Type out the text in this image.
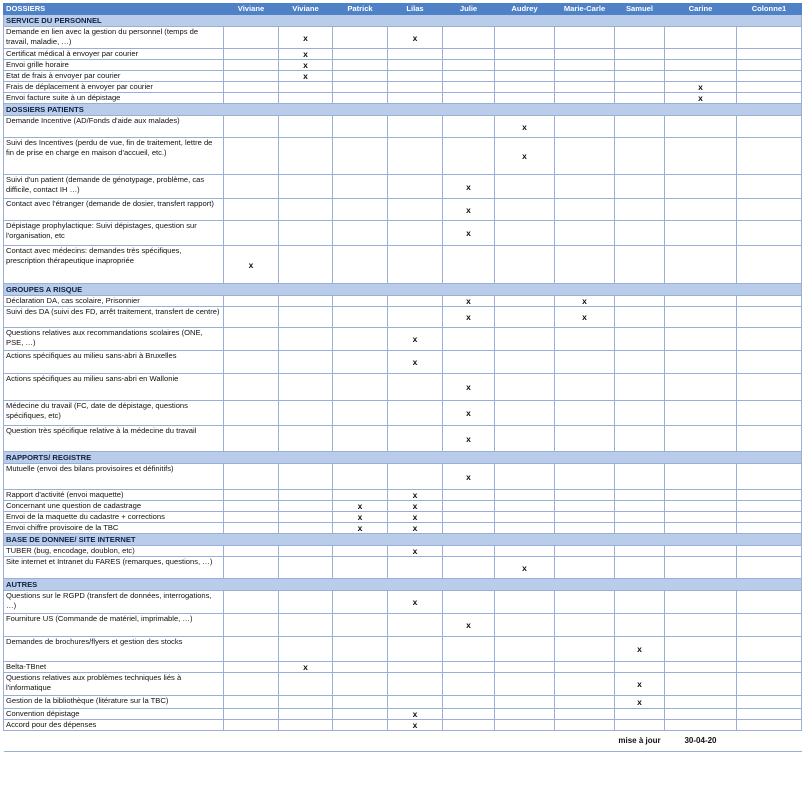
DOSSIERS	Viviane	Viviane	Patrick	Lilas	Julie	Audrey	Marie-Carle	Samuel	Carine	Colonne1
SERVICE DU PERSONNEL										
Demande en lien avec la gestion du personnel (temps de travail, maladie, …)		x		x						
Certificat médical à envoyer par courier		x								
Envoi grille horaire		x								
Etat de frais à envoyer par courier		x								
Frais de déplacement à envoyer par courier									x	
Envoi facture suite à un dépistage									x	
DOSSIERS PATIENTS										
Demande Incentive (AD/Fonds d'aide aux malades)						x				
Suivi des Incentives (perdu de vue, fin de traitement, lettre de fin de prise en charge en maison d'accueil, etc.)						x				
Suivi d'un patient (demande de génotypage, problème, cas difficile, contact IH …)					x					
Contact avec l'étranger (demande de dosier, transfert rapport)					x					
Dépistage prophylactique: Suivi dépistages, question sur l'organisation, etc					x					
Contact avec médecins: demandes très spécifiques, prescription thérapeutique inapropriée	x									
GROUPES A RISQUE										
Déclaration DA, cas scolaire, Prisonnier					x		x			
Suivi des DA (suivi des FD, arrêt traitement, transfert de centre)					x		x			
Questions relatives aux recommandations scolaires (ONE, PSE, …)				x						
Actions spécifiques au milieu sans-abri à Bruxelles				x						
Actions spécifiques au milieu sans-abri en Wallonie					x					
Médecine du travail (FC, date de dépistage, questions spécifiques, etc)					x					
Question très spécifique relative à la médecine du travail					x					
RAPPORTS/ REGISTRE										
Mutuelle (envoi des bilans provisoires et définitifs)					x					
Rapport d'activité (envoi maquette)				x						
Concernant une question de cadastrage			x	x						
Envoi de la maquette du cadastre + corrections			x	x						
Envoi chiffre provisoire de la TBC			x	x						
BASE DE DONNEE/ SITE INTERNET										
TUBER (bug, encodage, doublon, etc)				x						
Site internet et Intranet du FARES (remarques, questions, …)						x				
AUTRES										
Questions sur le RGPD (transfert de données, interrogations, …)				x						
Fourniture US (Commande de matériel, imprimable, …)					x					
Demandes de brochures/flyers et gestion des stocks								x		
Belta-TBnet		x								
Questions relatives aux problèmes techniques liés à l'informatique								x		
Gestion de la bibliothèque (litérature sur la TBC)								x		
Convention dépistage				x						
Accord pour des dépenses				x						
								mise à jour	30-04-20	
